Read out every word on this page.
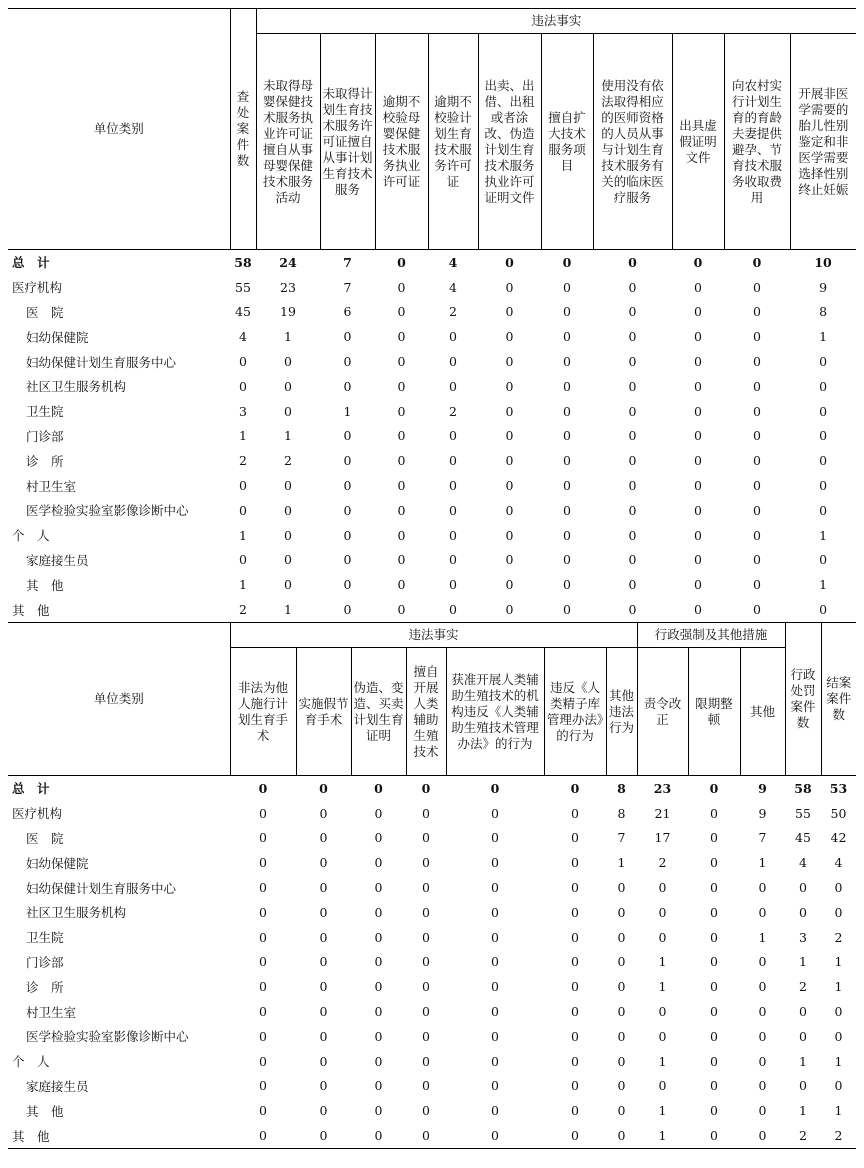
单位类别	查处案件数	违法事实									
		未取得母婴保健技术服务执业许可证擅自从事母婴保健技术服务活动	未取得计划生育技术服务许可证擅自从事计划生育技术服务	逾期不校验母婴保健技术服务执业许可证	逾期不校验计划生育技术服务许可证	出卖、出借、出租或者涂改、伪造计划生育技术服务执业许可证明文件	擅自扩大技术服务项目	使用没有依法取得相应的医师资格的人员从事与计划生育技术服务有关的临床医疗服务	出具虚假证明文件	向农村实行计划生育的育龄夫妻提供避孕、节育技术服务收取费用	开展非医学需要的胎儿性别鉴定和非医学需要选择性别终止妊娠
总　计	58	24	7	0	4	0	0	0	0	0	10
医疗机构	55	23	7	0	4	0	0	0	0	0	9
医　院	45	19	6	0	2	0	0	0	0	0	8
妇幼保健院	4	1	0	0	0	0	0	0	0	0	1
妇幼保健计划生育服务中心	0	0	0	0	0	0	0	0	0	0	0
社区卫生服务机构	0	0	0	0	0	0	0	0	0	0	0
卫生院	3	0	1	0	2	0	0	0	0	0	0
门诊部	1	1	0	0	0	0	0	0	0	0	0
诊　所	2	2	0	0	0	0	0	0	0	0	0
村卫生室	0	0	0	0	0	0	0	0	0	0	0
医学检验实验室影像诊断中心	0	0	0	0	0	0	0	0	0	0	0
个　人	1	0	0	0	0	0	0	0	0	0	1
家庭接生员	0	0	0	0	0	0	0	0	0	0	0
其　他	1	0	0	0	0	0	0	0	0	0	1
其　他	2	1	0	0	0	0	0	0	0	0	0
单位类别	违法事实							行政强制及其他措施			行政处罚案件数	结案案件数
	非法为他人施行计划生育手术	实施假节育手术	伪造、变造、买卖计划生育证明	擅自开展人类辅助生殖技术	获准开展人类辅助生殖技术的机构违反《人类辅助生殖技术管理办法》的行为	违反《人类精子库管理办法》的行为	其他违法行为	责令改正	限期整顿	其他		
总　计	0	0	0	0	0	0	8	23	0	9	58	53
医疗机构	0	0	0	0	0	0	8	21	0	9	55	50
医　院	0	0	0	0	0	0	7	17	0	7	45	42
妇幼保健院	0	0	0	0	0	0	1	2	0	1	4	4
妇幼保健计划生育服务中心	0	0	0	0	0	0	0	0	0	0	0	0
社区卫生服务机构	0	0	0	0	0	0	0	0	0	0	0	0
卫生院	0	0	0	0	0	0	0	0	0	1	3	2
门诊部	0	0	0	0	0	0	0	1	0	0	1	1
诊　所	0	0	0	0	0	0	0	1	0	0	2	1
村卫生室	0	0	0	0	0	0	0	0	0	0	0	0
医学检验实验室影像诊断中心	0	0	0	0	0	0	0	0	0	0	0	0
个　人	0	0	0	0	0	0	0	1	0	0	1	1
家庭接生员	0	0	0	0	0	0	0	0	0	0	0	0
其　他	0	0	0	0	0	0	0	1	0	0	1	1
其　他	0	0	0	0	0	0	0	1	0	0	2	2
